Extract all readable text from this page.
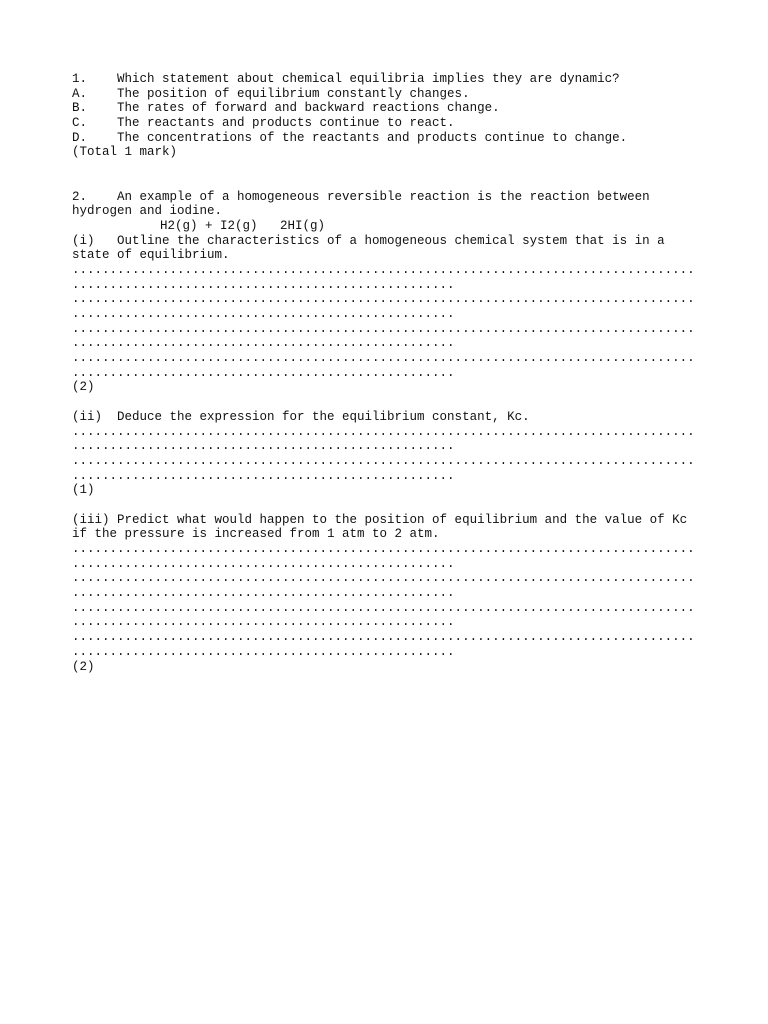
1.    Which statement about chemical equilibria implies they are dynamic?
A.    The position of equilibrium constantly changes.
B.    The rates of forward and backward reactions change.
C.    The reactants and products continue to react.
D.    The concentrations of the reactants and products continue to change.
(Total 1 mark)
2.    An example of a homogeneous reversible reaction is the reaction between
hydrogen and iodine.
H2(g) + I2(g)   2HI(g)
(i)   Outline the characteristics of a homogeneous chemical system that is in a
state of equilibrium.
...................................................................................
...................................................
...................................................................................
...................................................
...................................................................................
...................................................
...................................................................................
...................................................
(2)
(ii)  Deduce the expression for the equilibrium constant, Kc.
...................................................................................
...................................................
...................................................................................
...................................................
(1)
(iii) Predict what would happen to the position of equilibrium and the value of Kc
if the pressure is increased from 1 atm to 2 atm.
...................................................................................
...................................................
...................................................................................
...................................................
...................................................................................
...................................................
...................................................................................
...................................................
(2)
